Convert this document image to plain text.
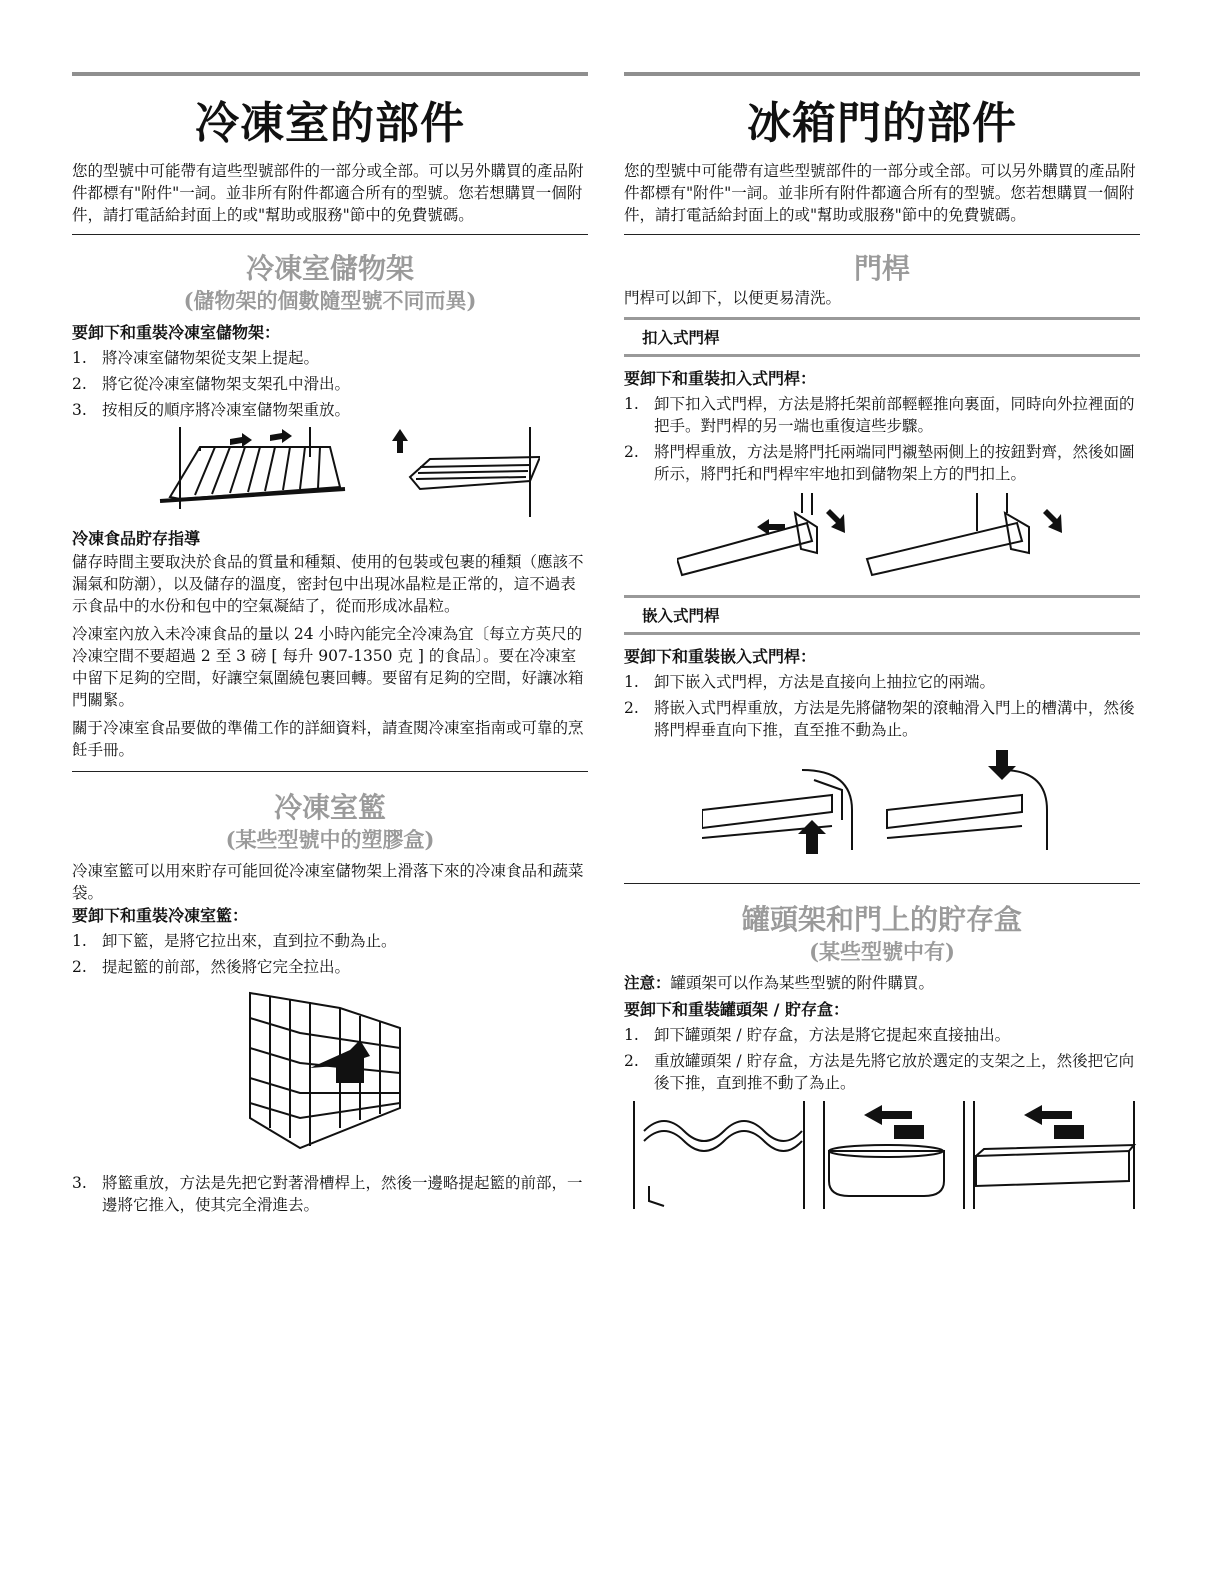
冷凍室的部件

您的型號中可能帶有這些型號部件的一部分或全部。可以另外購買的產品附件都標有"附件"一詞。並非所有附件都適合所有的型號。您若想購買一個附件，請打電話給封面上的或"幫助或服務"節中的免費號碼。

冷凍室儲物架
(儲物架的個數隨型號不同而異)
要卸下和重裝冷凍室儲物架：
1. 將冷凍室儲物架從支架上提起。
2. 將它從冷凍室儲物架支架孔中滑出。
3. 按相反的順序將冷凍室儲物架重放。
冷凍食品貯存指導

儲存時間主要取決於食品的質量和種類、使用的包裝或包裹的種類（應該不漏氣和防潮），以及儲存的溫度，密封包中出現冰晶粒是正常的，這不過表示食品中的水份和包中的空氣凝結了，從而形成冰晶粒。

冷凍室內放入未冷凍食品的量以 24 小時內能完全冷凍為宜〔每立方英尺的冷凍空間不要超過 2 至 3 磅 [ 每升 907-1350 克 ] 的食品〕。要在冷凍室中留下足夠的空間，好讓空氣圍繞包裹回轉。要留有足夠的空間，好讓冰箱門關緊。

關于冷凍室食品要做的準備工作的詳細資料，請查閱冷凍室指南或可靠的烹飪手冊。

冷凍室籃
(某些型號中的塑膠盒)

冷凍室籃可以用來貯存可能回從冷凍室儲物架上滑落下來的冷凍食品和蔬菜袋。

要卸下和重裝冷凍室籃：
1. 卸下籃，是將它拉出來，直到拉不動為止。
2. 提起籃的前部，然後將它完全拉出。
3. 將籃重放，方法是先把它對著滑槽桿上，然後一邊略提起籃的前部，一邊將它推入，使其完全滑進去。
冰箱門的部件

您的型號中可能帶有這些型號部件的一部分或全部。可以另外購買的產品附件都標有"附件"一詞。並非所有附件都適合所有的型號。您若想購買一個附件，請打電話給封面上的或"幫助或服務"節中的免費號碼。

門桿

門桿可以卸下，以便更易清洗。

扣入式門桿
要卸下和重裝扣入式門桿：
1. 卸下扣入式門桿，方法是將托架前部輕輕推向裏面，同時向外拉裡面的把手。對門桿的另一端也重復這些步驟。
2. 將門桿重放，方法是將門托兩端同門襯墊兩側上的按鈕對齊，然後如圖所示，將門托和門桿牢牢地扣到儲物架上方的門扣上。
嵌入式門桿
要卸下和重裝嵌入式門桿：
1. 卸下嵌入式門桿，方法是直接向上抽拉它的兩端。
2. 將嵌入式門桿重放，方法是先將儲物架的滾軸滑入門上的槽溝中，然後將門桿垂直向下推，直至推不動為止。
罐頭架和門上的貯存盒
(某些型號中有)

注意：罐頭架可以作為某些型號的附件購買。

要卸下和重裝罐頭架 / 貯存盒：
1. 卸下罐頭架 / 貯存盒，方法是將它提起來直接抽出。
2. 重放罐頭架 / 貯存盒，方法是先將它放於選定的支架之上，然後把它向後下推，直到推不動了為止。
